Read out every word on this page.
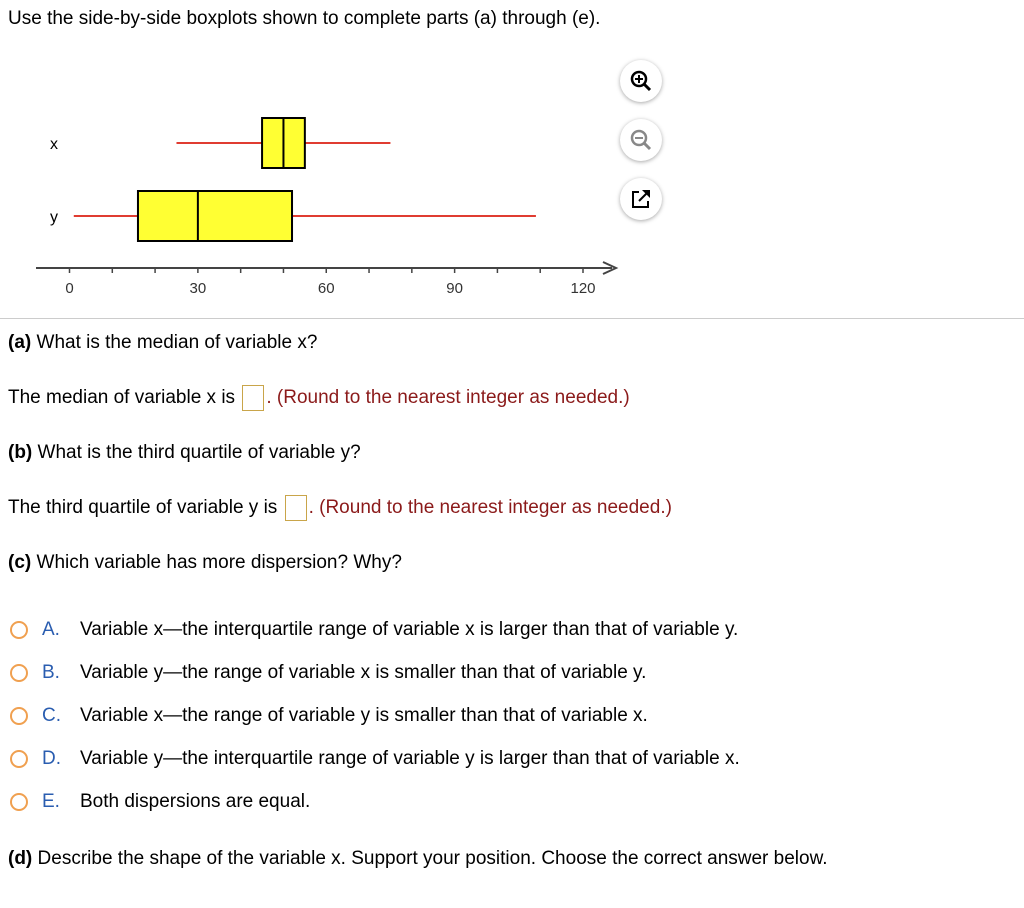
Use the side-by-side boxplots shown to complete parts (a) through (e).
0	30	60	90	120
x
y
(a) What is the median of variable x?
The median of variable x is . (Round to the nearest integer as needed.)
(b) What is the third quartile of variable y?
The third quartile of variable y is . (Round to the nearest integer as needed.)
(c) Which variable has more dispersion? Why?
A.	Variable x—the interquartile range of variable x is larger than that of variable y.
B.	Variable y—the range of variable x is smaller than that of variable y.
C.	Variable x—the range of variable y is smaller than that of variable x.
D.	Variable y—the interquartile range of variable y is larger than that of variable x.
E.	Both dispersions are equal.
(d) Describe the shape of the variable x. Support your position. Choose the correct answer below.
